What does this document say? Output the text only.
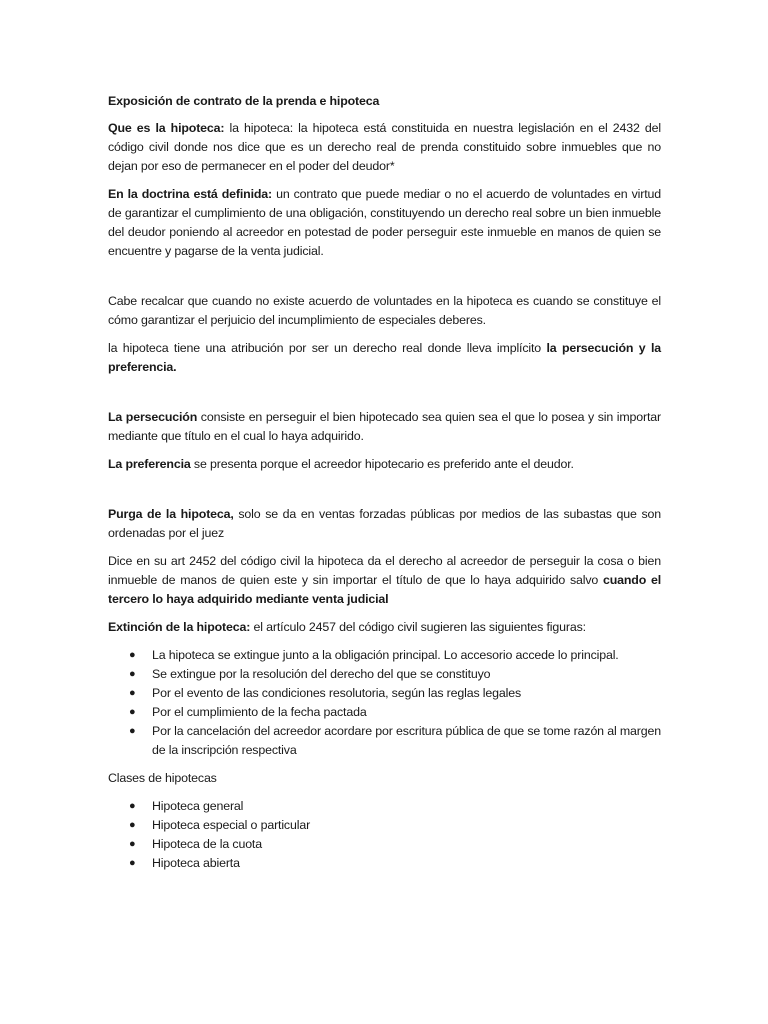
Exposición de contrato de la prenda e hipoteca

Que es la hipoteca: la hipoteca: la hipoteca está constituida en nuestra legislación en el 2432 del código civil donde nos dice que es un derecho real de prenda constituido sobre inmuebles que no dejan por eso de permanecer en el poder del deudor*

En la doctrina está definida: un contrato que puede mediar o no el acuerdo de voluntades en virtud de garantizar el cumplimiento de una obligación, constituyendo un derecho real sobre un bien inmueble del deudor poniendo al acreedor en potestad de poder perseguir este inmueble en manos de quien se encuentre y pagarse de la venta judicial.

Cabe recalcar que cuando no existe acuerdo de voluntades en la hipoteca es cuando se constituye el cómo garantizar el perjuicio del incumplimiento de especiales deberes.

la hipoteca tiene una atribución por ser un derecho real donde lleva implícito la persecución y la preferencia.

La persecución consiste en perseguir el bien hipotecado sea quien sea el que lo posea y sin importar mediante que título en el cual lo haya adquirido.

La preferencia se presenta porque el acreedor hipotecario es preferido ante el deudor.

Purga de la hipoteca, solo se da en ventas forzadas públicas por medios de las subastas que son ordenadas por el juez

Dice en su art 2452 del código civil la hipoteca da el derecho al acreedor de perseguir la cosa o bien inmueble de manos de quien este y sin importar el título de que lo haya adquirido salvo cuando el tercero lo haya adquirido mediante venta judicial

Extinción de la hipoteca: el artículo 2457 del código civil sugieren las siguientes figuras:

● La hipoteca se extingue junto a la obligación principal. Lo accesorio accede lo principal.
● Se extingue por la resolución del derecho del que se constituyo
● Por el evento de las condiciones resolutoria, según las reglas legales
● Por el cumplimiento de la fecha pactada
● Por la cancelación del acreedor acordare por escritura pública de que se tome razón al margen de la inscripción respectiva

Clases de hipotecas

● Hipoteca general
● Hipoteca especial o particular
● Hipoteca de la cuota
● Hipoteca abierta
